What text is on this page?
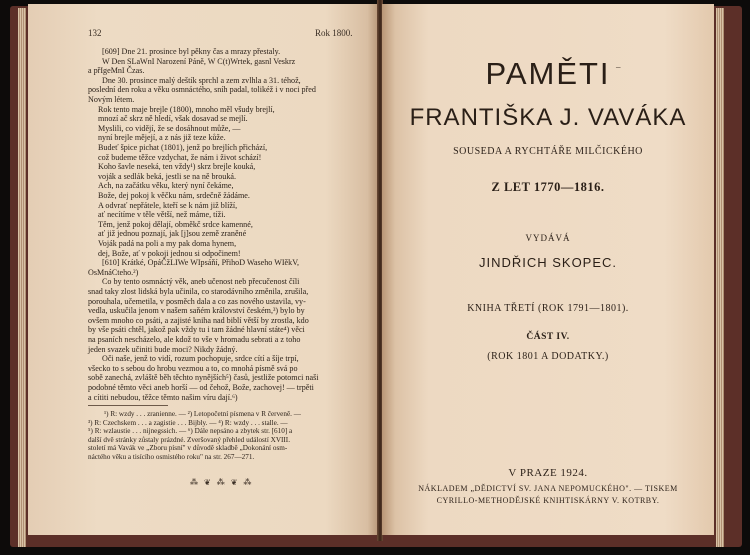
132	Rok 1800.
[609] Dne 21. prosince byl pěkny čas a mrazy přestaly.
W Den SLaWnI Narození Páně, W C(t)Wrtek, gasnl Veskrz
a přIgeMnI Čzas.
Dne 30. prosince malý deštík sprchl a zem zvlhla a 31. téhož,
poslední den roku a věku osmnáctého, sníh padal, tolikéž i v noci před
Novým létem.
Rok tento maje brejle (1800), mnoho měl všudy brejlí,
mnozí ač skrz ně hledí, však dosavad se mejlí.
Myslili, co vidějí, že se dosáhnout může, —
nyní brejle mějejí, a z nás již teze kůže.
Budeť špice pichat (1801), jenž po brejlích přichází,
což budeme těžce vzdychat, že nám i život schází!
Koho šavle neseká, ten vždy¹) skrz brejle kouká,
voják a sedlák beká, jestli se na ně brouká.
Ach, na začátku věku, který nyní čekáme,
Bože, dej pokoj k věčku nám, srdečně žádáme.
A odvrať nepřátele, kteří se k nám již blíží,
ať necítíme v těle větší, než máme, tíži.
Těm, jenž pokoj dělají, obměkč srdce kamenné,
ať již jednou poznají, jak [j]sou země zraněné
Voják padá na poli a my pak doma hynem,
dej, Bože, ať v pokoji jednou si odpočinem!
[610] Krátké, OpáČžLIWe WIpsáňí, PřihoD Waseho WIěkV,
OsMnáCteho.²)
Co by tento osmnáctý věk, aneb učenost neb přecučenost číli
snad taky zlost lidská byla učinila, co starodávního změnila, zrušila,
porouhala, učemetila, v posměch dala a co zas nového ustavila, vy-
vedla, uskučila jenom v našem saňém království českém,³) bylo by
ovšem mnoho co psáti, a zajisté kniha nad biblí větší by zrostla, kdo
by vše psáti chtěl, jakož pak vždy tu i tam žádné hlavní státe⁴) věci
na psaních nescházelo, ale kdož to vše v hromadu sebrati a z toho
jeden svazek učiniti bude moci? Nikdy žádný.
Oči naše, jenž to vidí, rozum pochopuje, srdce cítí a šíje trpí,
všecko to s sebou do hrobu vezmou a to, co mnohá písmě svá po
sobě zanechá, zvláště běh těchto nynějších⁵) časů, jestliže potomci naši
podobné těmto věci aneb horší — od čehož, Bože, zachovej! — trpěti
a cítiti nebudou, těžce těmto našim víru dají.⁶)
¹) R: wzdy . . . zranienne. — ²) Letopočetní písmena v R červeně. —
³) R: Czechskem . . . a zagistie . . . Bijbly. — ⁴) R: wzdy . . . stalle. —
⁵) R: wzlaustie . . . nijnegssich. — ⁶) Dále nepsáno a zbytek str. [610] a
další dvě stránky zůstaly prázdné. Zveršovaný přehled událostí XVIII.
století má Vavák ve „Zboru písní" v důvodě skladbě „Dokonání osm-
náctého věku a tisícího osmistého roku" na str. 267—271.
⁂ ❦ ⁂ ❦ ⁂
PAMĚTI –
FRANTIŠKA J. VAVÁKA
SOUSEDA A RYCHTÁŘE MILČICKÉHO
Z LET 1770—1816.
VYDÁVÁ
JINDŘICH SKOPEC.
KNIHA TŘETÍ (ROK 1791—1801).
ČÁST IV.
(ROK 1801 A DODATKY.)
V PRAZE 1924.
NÁKLADEM „DĚDICTVÍ SV. JANA NEPOMUCKÉHO". — TISKEM
CYRILLO-METHODĚJSKÉ KNIHTISKÁRNY V. KOTRBY.
